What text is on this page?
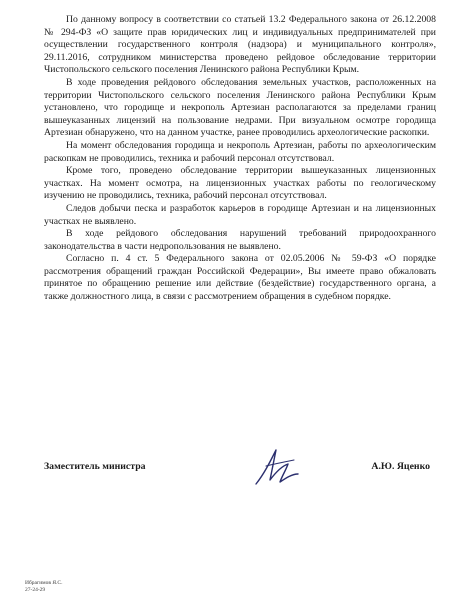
По данному вопросу в соответствии со статьей 13.2 Федерального закона от 26.12.2008 № 294-ФЗ «О защите прав юридических лиц и индивидуальных предпринимателей при осуществлении государственного контроля (надзора) и муниципального контроля», 29.11.2016, сотрудником министерства проведено рейдовое обследование территории Чистопольского сельского поселения Ленинского района Республики Крым.

В ходе проведения рейдового обследования земельных участков, расположенных на территории Чистопольского сельского поселения Ленинского района Республики Крым установлено, что городище и некрополь Артезиан располагаются за пределами границ вышеуказанных лицензий на пользование недрами. При визуальном осмотре городища Артезиан обнаружено, что на данном участке, ранее проводились археологические раскопки.

На момент обследования городища и некрополь Артезиан, работы по археологическим раскопкам не проводились, техника и рабочий персонал отсутствовал.

Кроме того, проведено обследование территории вышеуказанных лицензионных участках. На момент осмотра, на лицензионных участках работы по геологическому изучению не проводились, техника, рабочий персонал отсутствовал.

Следов добычи песка и разработок карьеров в городище Артезиан и на лицензионных участках не выявлено.

В ходе рейдового обследования нарушений требований природоохранного законодательства в части недропользования не выявлено.

Согласно п. 4 ст. 5 Федерального закона от 02.05.2006 № 59-ФЗ «О порядке рассмотрения обращений граждан Российской Федерации», Вы имеете право обжаловать принятое по обращению решение или действие (бездействие) государственного органа, а также должностного лица, в связи с рассмотрением обращения в судебном порядке.

Заместитель министра	А.Ю. Яценко
Ибрагимов Я.С.
27-24-29
